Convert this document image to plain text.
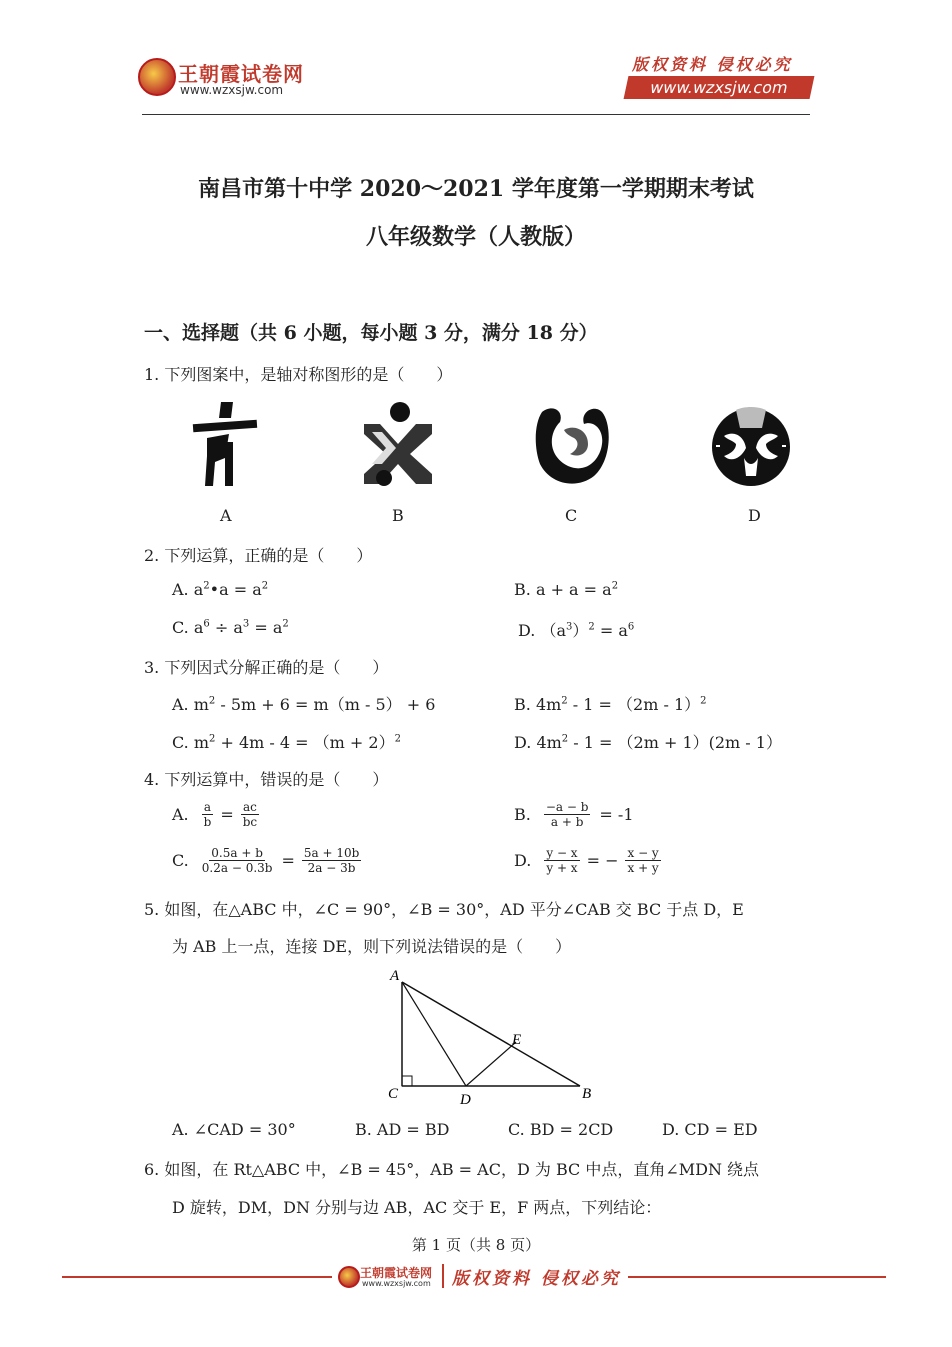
王朝霞试卷网
www.wzxsjw.com
版权资料 侵权必究
www.wzxsjw.com
南昌市第十中学 2020～2021 学年度第一学期期末考试
八年级数学（人教版）
一、选择题（共 6 小题，每小题 3 分，满分 18 分）
1. 下列图案中，是轴对称图形的是（　　）
A	B	C	D
2. 下列运算，正确的是（　　）
A. $a^2•a = a^2$	B. $a + a = a^2$
C. $a^6 \div a^3 = a^2$	D. $(a^3)^2 = a^6$
3. 下列因式分解正确的是（　　）
A. $m^2 - 5m + 6 = m(m - 5) + 6$	B. $4m^2 - 1 = (2m - 1)^2$
C. $m^2 + 4m - 4 = (m + 2)^2$	D. $4m^2 - 1 = (2m + 1)(2m - 1)$
4. 下列运算中，错误的是（　　）
A. $\frac{a}{b} = \frac{ac}{bc}$	B. $\frac{-a - b}{a + b} = -1$
C. $\frac{0.5a + b}{0.2a - 0.3b} = \frac{5a + 10b}{2a - 3b}$	D. $\frac{y - x}{y + x}$ = − $\frac{x - y}{x + y}$
5. 如图，在△ABC 中，∠C = 90°，∠B = 30°，AD 平分∠CAB 交 BC 于点 D，E
为 AB 上一点，连接 DE，则下列说法错误的是（　　）
A
C	D
E
B
A. ∠CAD = 30°	B. AD = BD	C. BD = 2CD	D. CD = ED
6. 如图，在 Rt△ABC 中，∠B = 45°，AB = AC，D 为 BC 中点，直角∠MDN 绕点
D 旋转，DM，DN 分别与边 AB，AC 交于 E，F 两点，下列结论：
第 1 页（共 8 页）
王朝霞试卷网
www.wzxsjw.com 版权资料 侵权必究
